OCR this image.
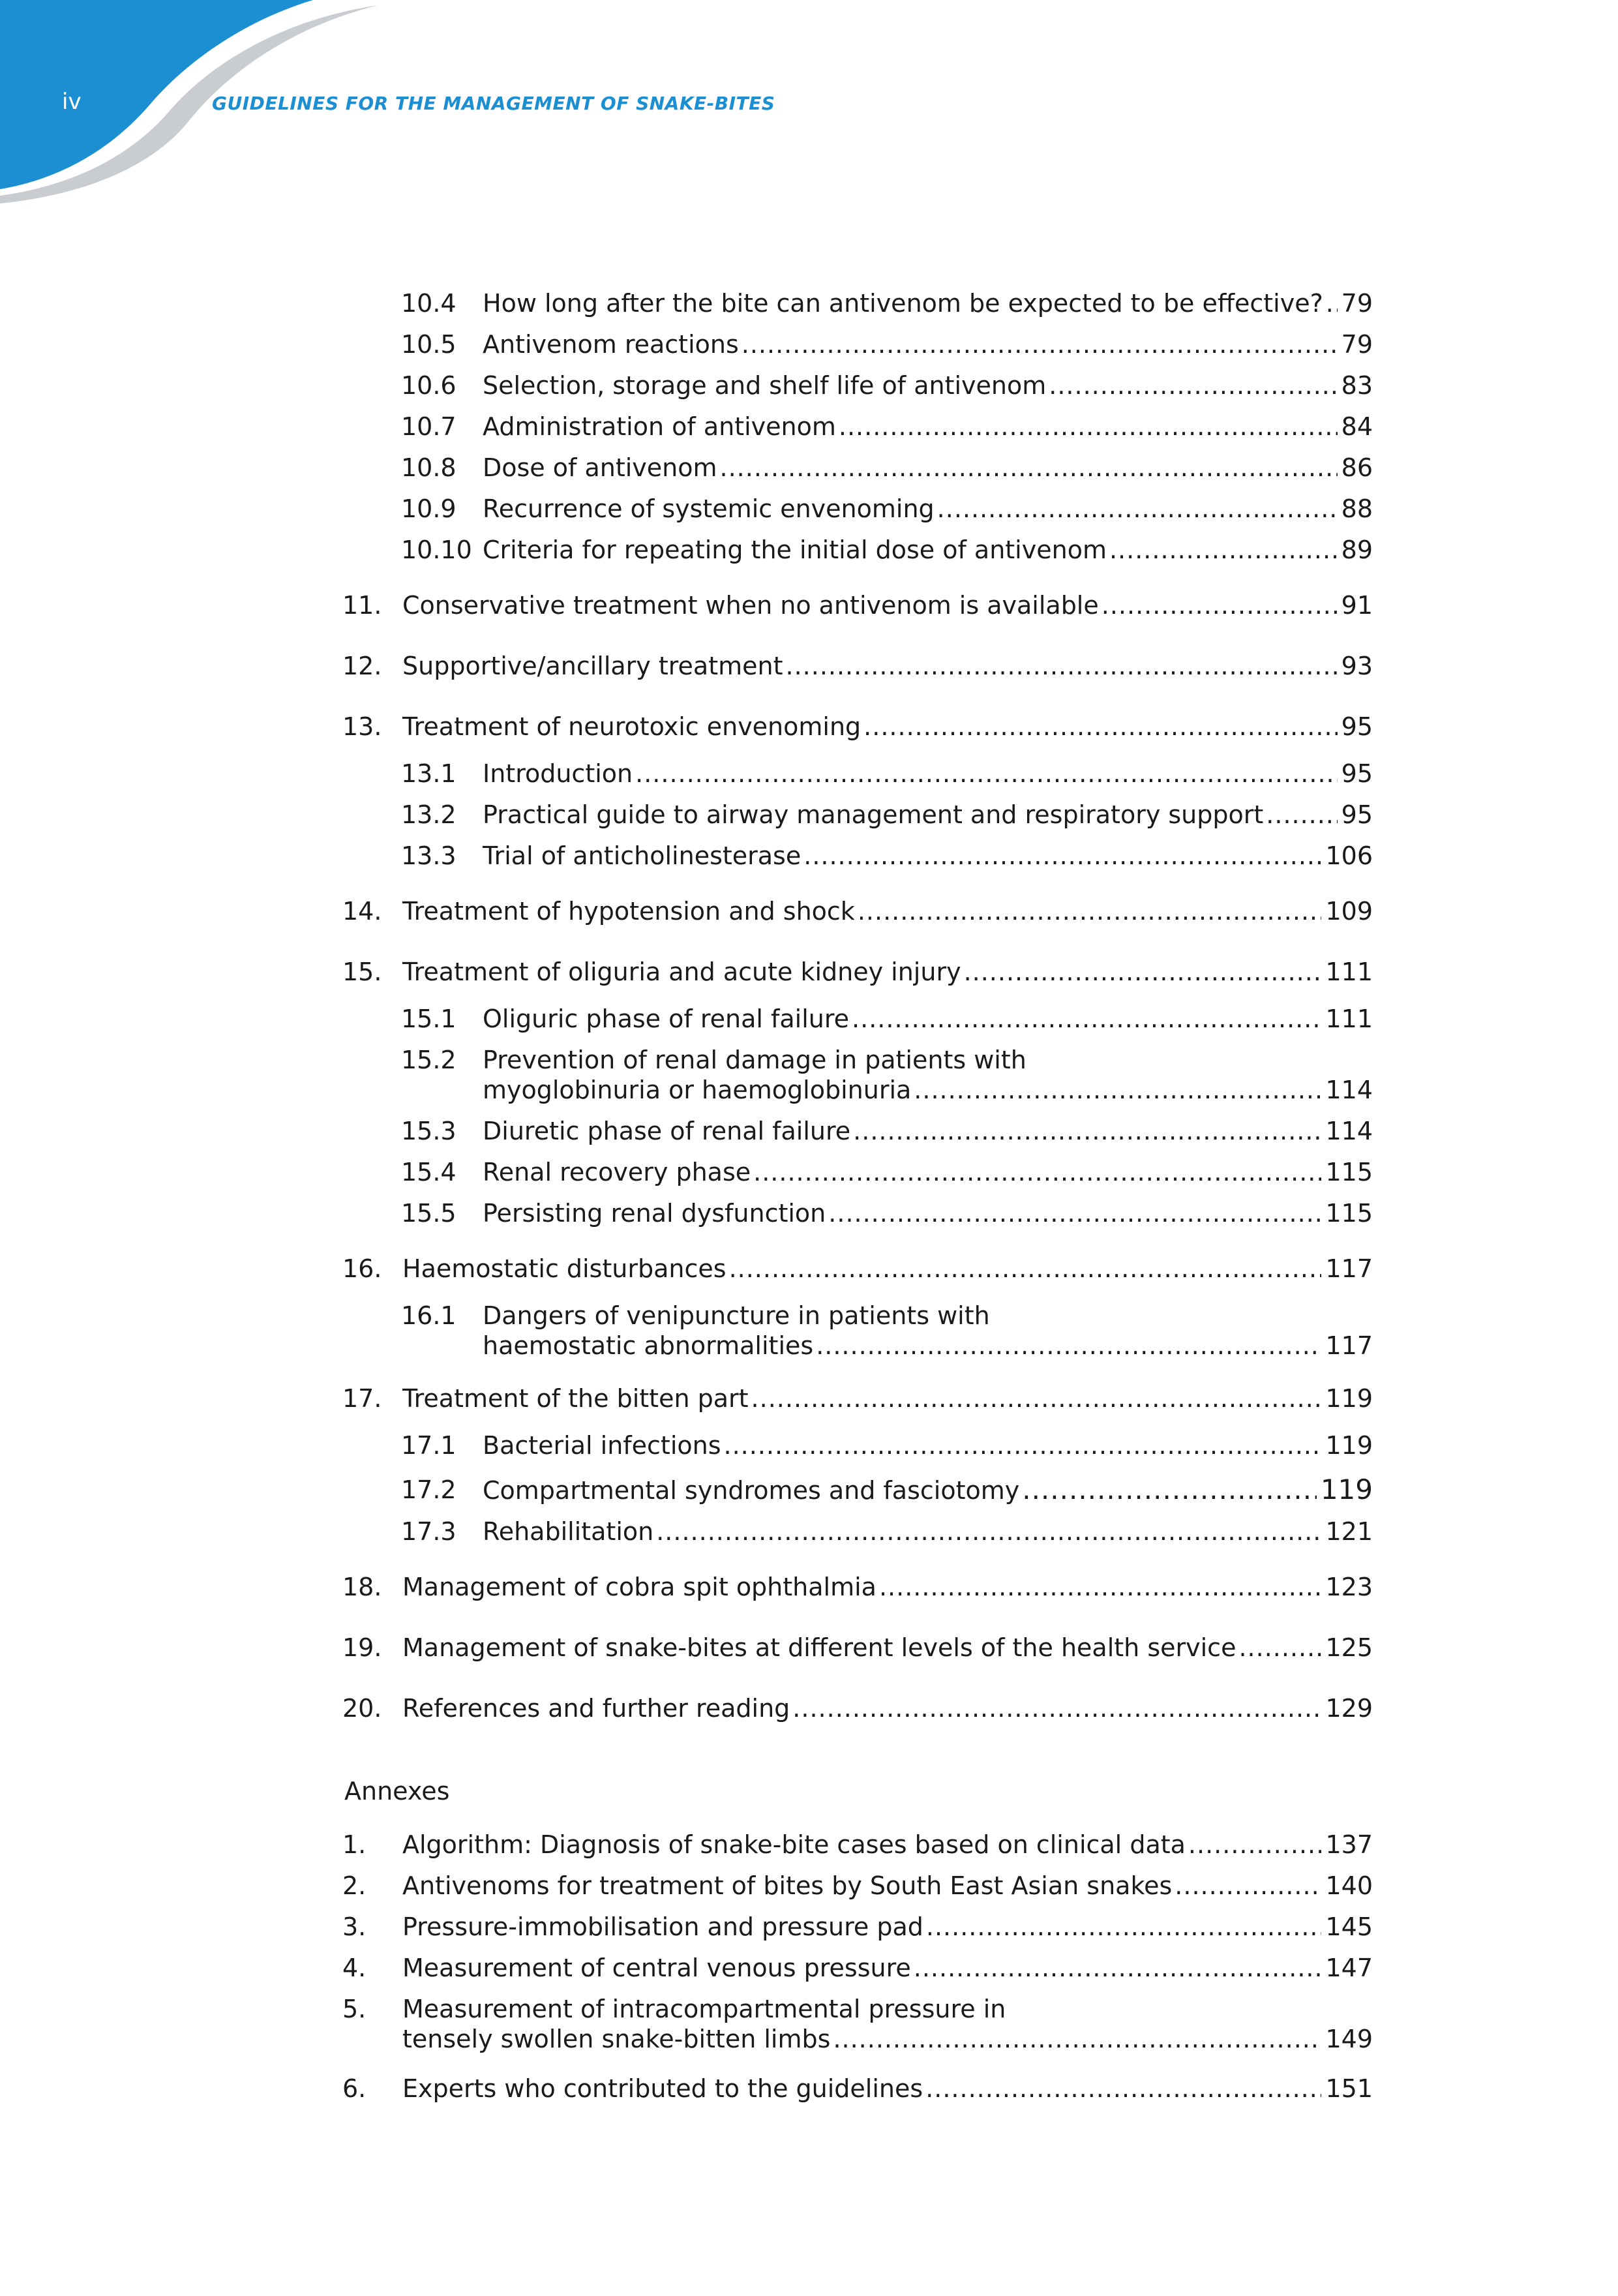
iv	GUIDELINES FOR THE MANAGEMENT OF SNAKE-BITES
10.4 How long after the bite can antivenom be expected to be effective? ..... 79
10.5 Antivenom reactions .....	79
10.6 Selection, storage and shelf life of antivenom .....	83
10.7 Administration of antivenom .....	84
10.8 Dose of antivenom .....	86
10.9 Recurrence of systemic envenoming .....	88
10.10 Criteria for repeating the initial dose of antivenom .....	89
11. Conservative treatment when no antivenom is available .....	91
12. Supportive/ancillary treatment .....	93
13. Treatment of neurotoxic envenoming .....	95
13.1 Introduction .....	95
13.2 Practical guide to airway management and respiratory support .....	95
13.3 Trial of anticholinesterase .....	106
14. Treatment of hypotension and shock .....	109
15. Treatment of oliguria and acute kidney injury .....	111
15.1 Oliguric phase of renal failure .....	111
15.2 Prevention of renal damage in patients with
myoglobinuria or haemoglobinuria .....	114
15.3 Diuretic phase of renal failure .....	114
15.4 Renal recovery phase .....	115
15.5 Persisting renal dysfunction .....	115
16. Haemostatic disturbances .....	117
16.1 Dangers of venipuncture in patients with
haemostatic abnormalities .....	117
17. Treatment of the bitten part .....	119
17.1 Bacterial infections .....	119
17.2 Compartmental syndromes and fasciotomy .....	119
17.3 Rehabilitation .....	121
18. Management of cobra spit ophthalmia .....	123
19. Management of snake-bites at different levels of the health service .....	125
20. References and further reading .....	129
Annexes
1. Algorithm: Diagnosis of snake-bite cases based on clinical data .....	137
2. Antivenoms for treatment of bites by South East Asian snakes .....	140
3. Pressure-immobilisation and pressure pad .....	145
4. Measurement of central venous pressure .....	147
5. Measurement of intracompartmental pressure in
tensely swollen snake-bitten limbs .....	149
6. Experts who contributed to the guidelines .....	151
